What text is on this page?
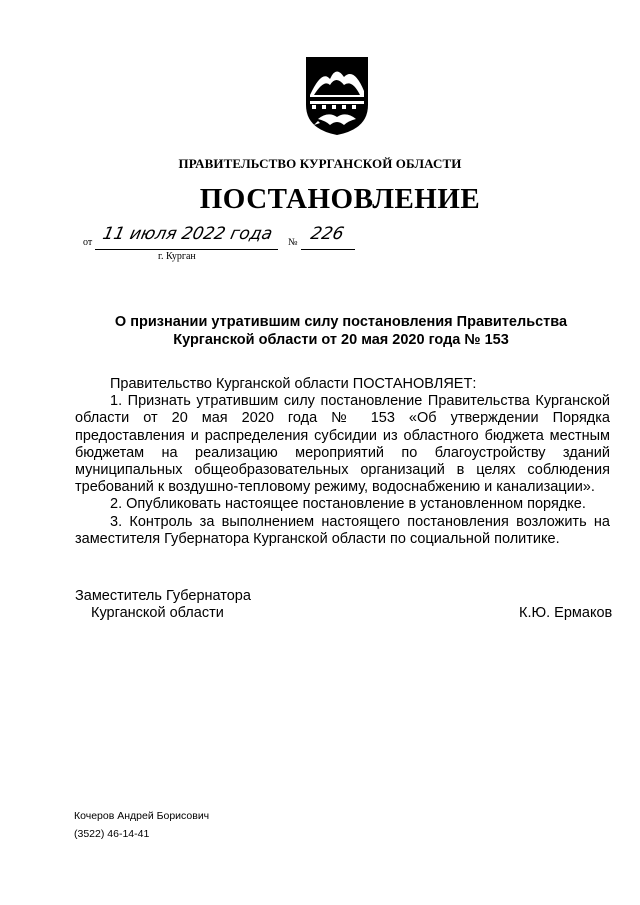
ПРАВИТЕЛЬСТВО КУРГАНСКОЙ ОБЛАСТИ
ПОСТАНОВЛЕНИЕ
от 11 июля 2022 года № 226
г. Курган
О признании утратившим силу постановления Правительства
Курганской области от 20 мая 2020 года № 153

Правительство Курганской области ПОСТАНОВЛЯЕТ:

1. Признать утратившим силу постановление Правительства Курганской области от 20 мая 2020 года № 153 «Об утверждении Порядка предоставления и распределения субсидии из областного бюджета местным бюджетам на реализацию мероприятий по благоустройству зданий муниципальных общеобразовательных организаций в целях соблюдения требований к воздушно-тепловому режиму, водоснабжению и канализации».

2. Опубликовать настоящее постановление в установленном порядке.

3. Контроль за выполнением настоящего постановления возложить на заместителя Губернатора Курганской области по социальной политике.

Заместитель Губернатора
Курганской области	К.Ю. Ермаков
Кочеров Андрей Борисович
(3522) 46-14-41
